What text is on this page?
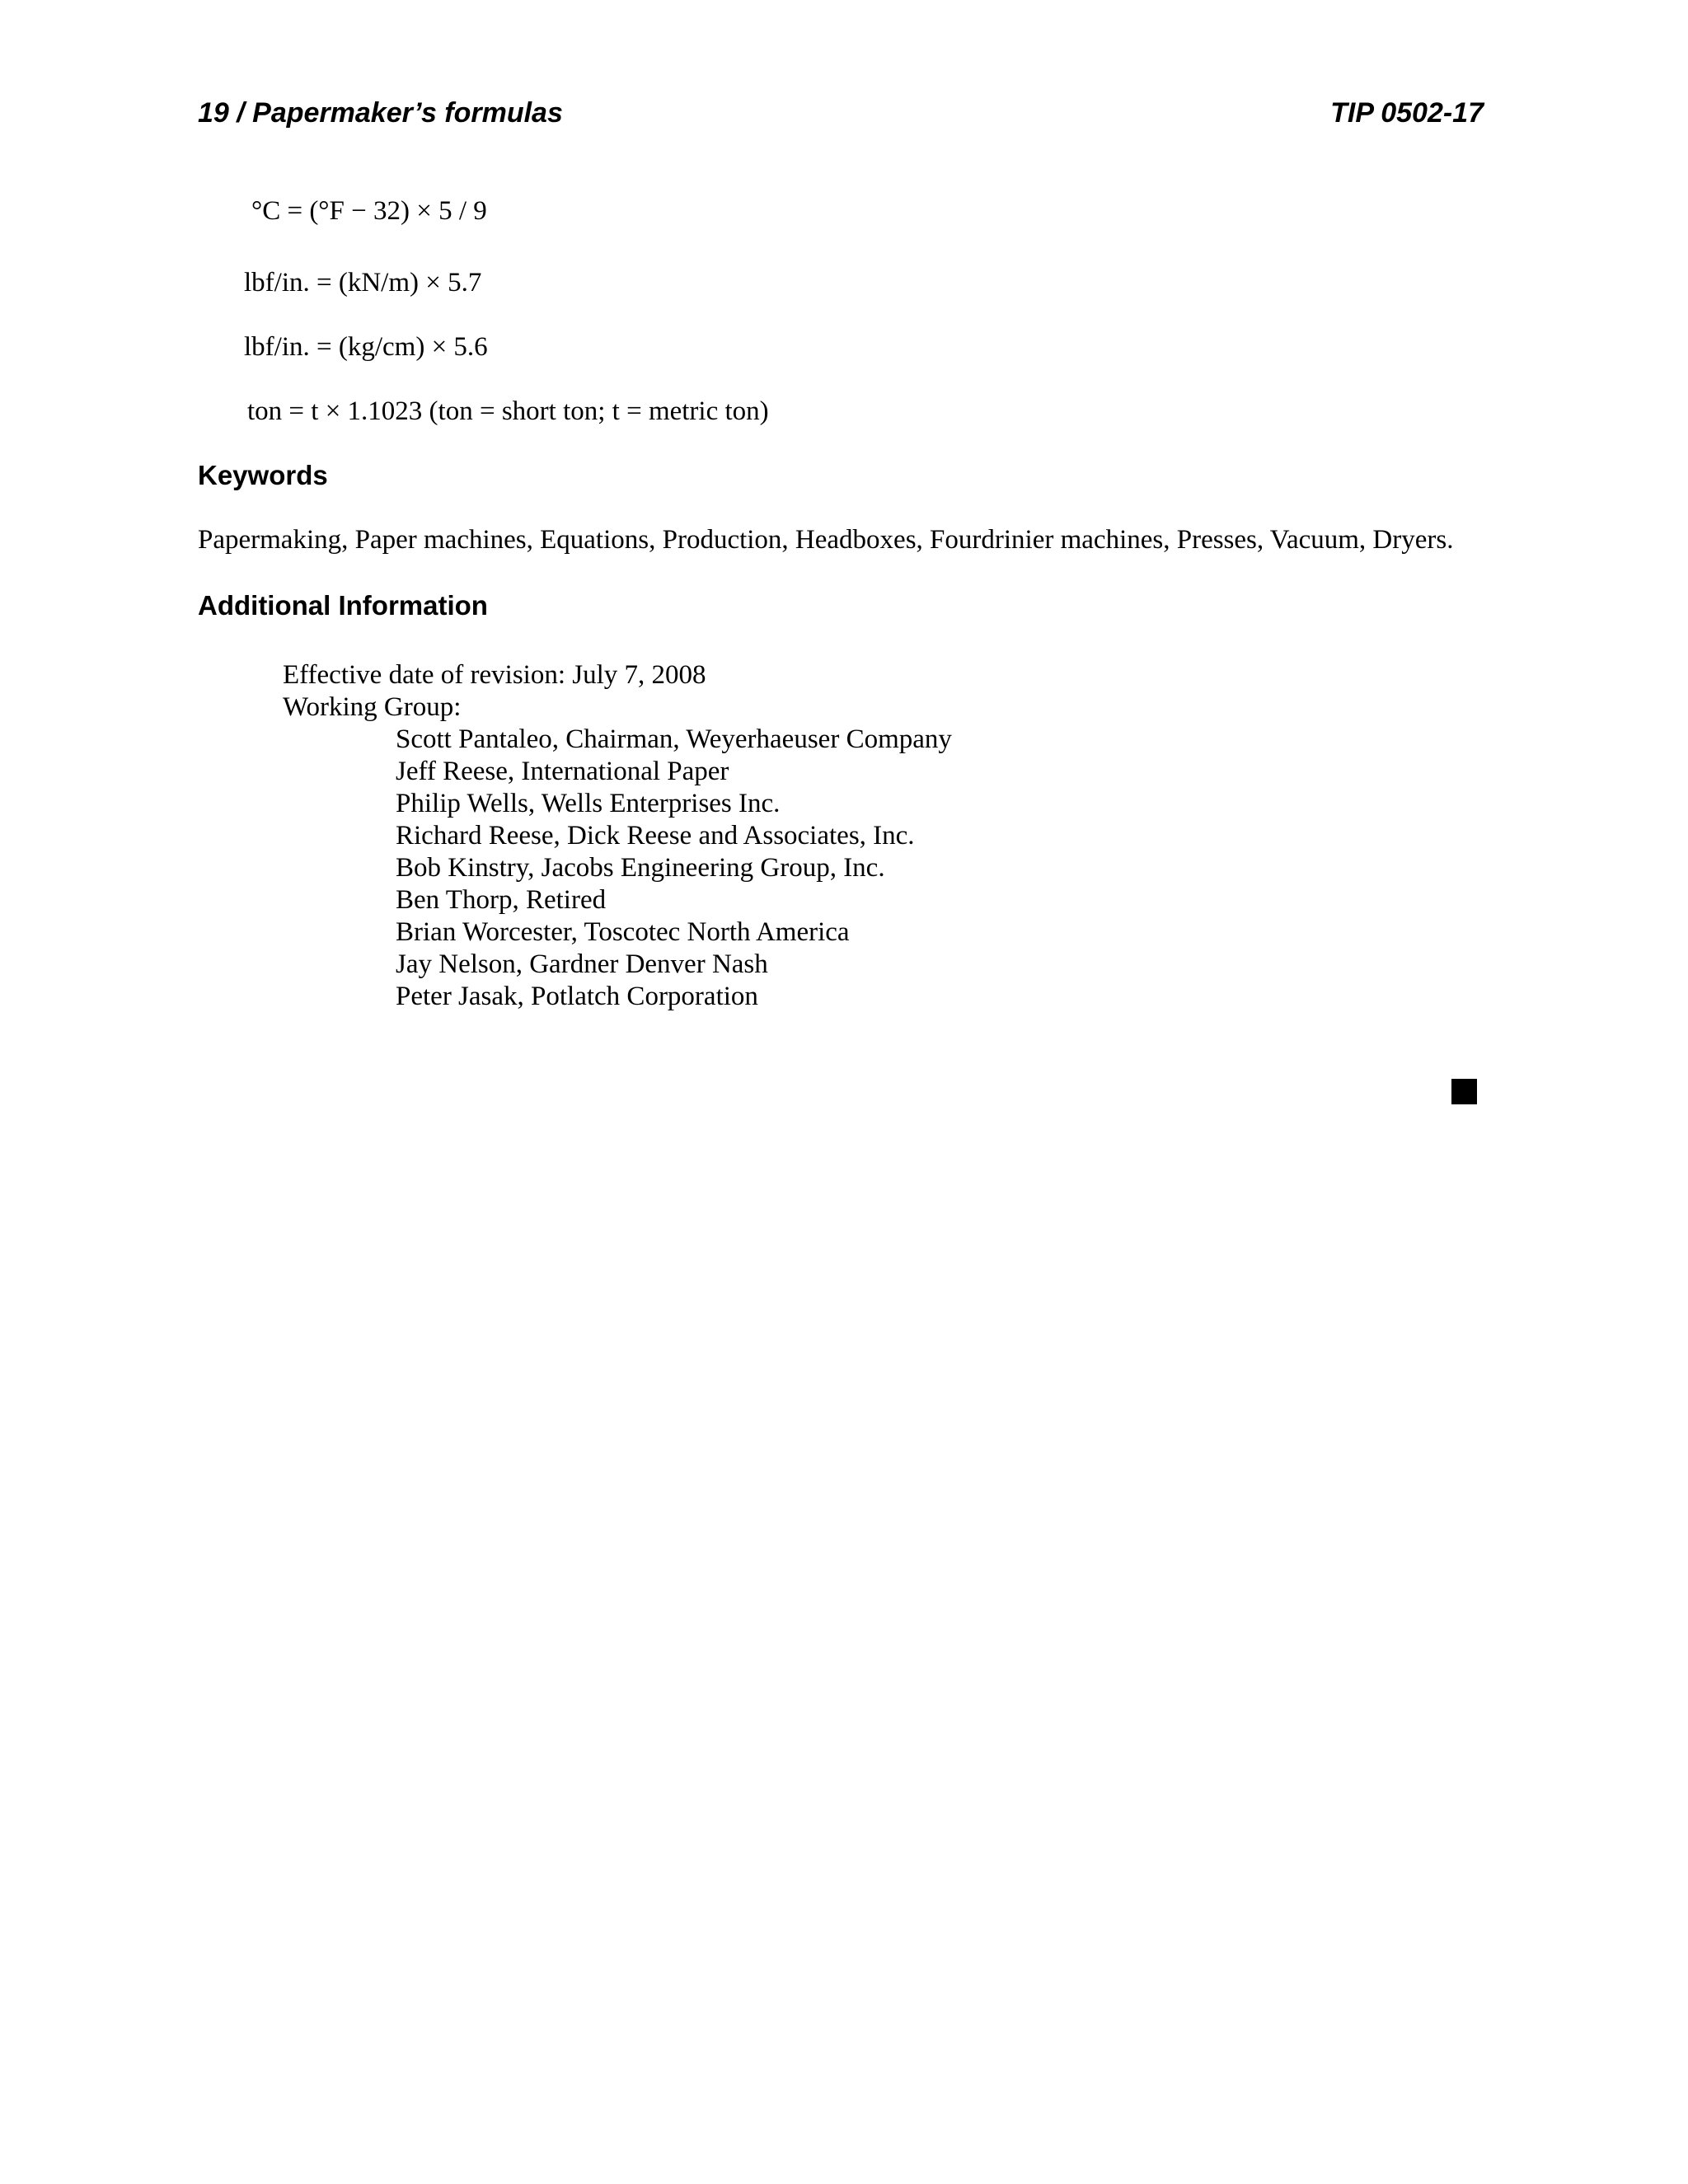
19 / Papermaker’s formulas	TIP 0502-17
°C = (°F − 32) × 5 / 9
lbf/in. = (kN/m) × 5.7
lbf/in. = (kg/cm) × 5.6
ton = t × 1.1023 (ton = short ton; t = metric ton)
Keywords
Papermaking, Paper machines, Equations, Production, Headboxes, Fourdrinier machines, Presses, Vacuum, Dryers.
Additional Information
Effective date of revision: July 7, 2008
Working Group:
Scott Pantaleo, Chairman, Weyerhaeuser Company
Jeff Reese, International Paper
Philip Wells, Wells Enterprises Inc.
Richard Reese, Dick Reese and Associates, Inc.
Bob Kinstry, Jacobs Engineering Group, Inc.
Ben Thorp, Retired
Brian Worcester, Toscotec North America
Jay Nelson, Gardner Denver Nash
Peter Jasak, Potlatch Corporation
